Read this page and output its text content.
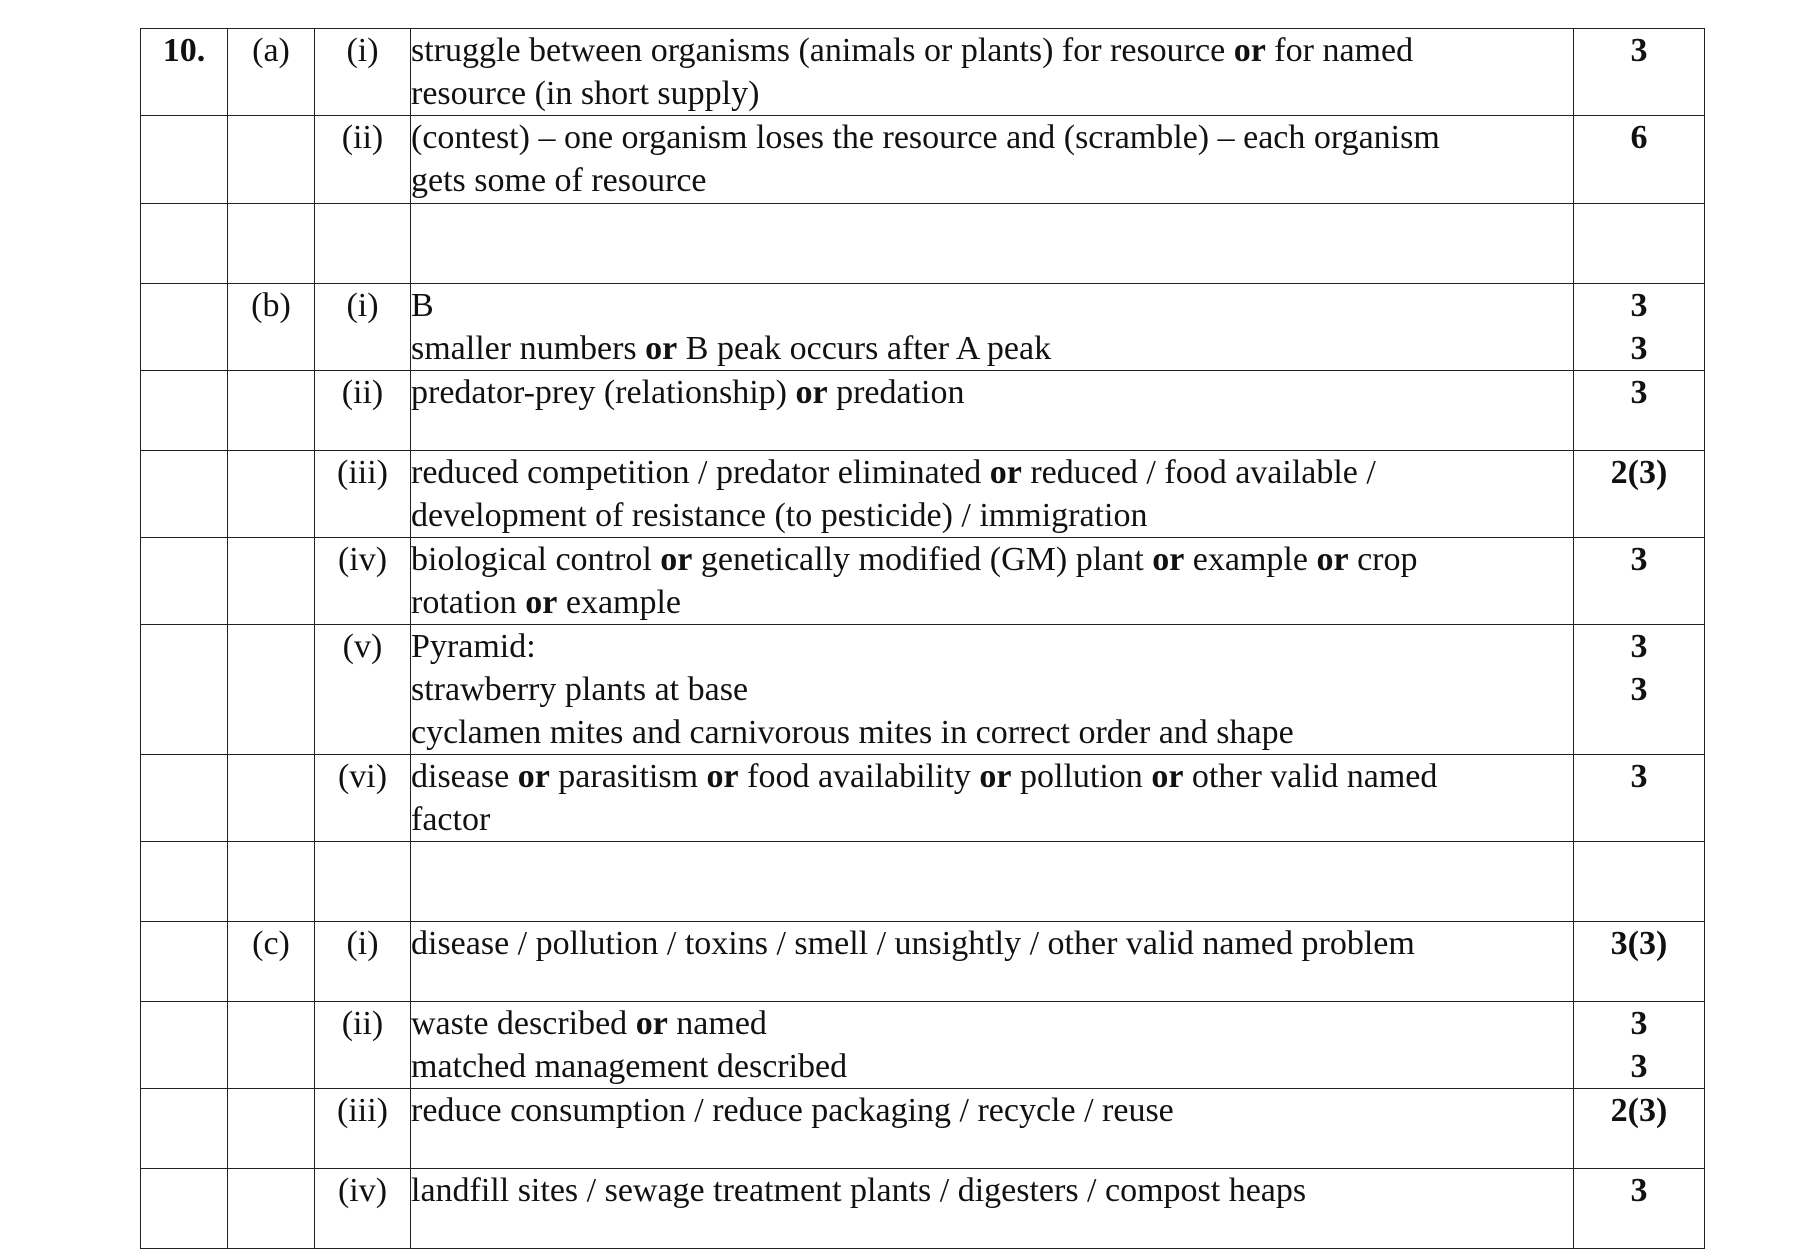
10.	(a)	(i)	struggle between organisms (animals or plants) for resource or for named
resource (in short supply)	3

		(ii)	(contest) – one organism loses the resource and (scramble) – each organism
gets some of resource	6

	(b)	(i)	B
smaller numbers or B peak occurs after A peak	3
3

		(ii)	predator-prey (relationship) or predation	3

		(iii)	reduced competition / predator eliminated or reduced / food available /
development of resistance (to pesticide) / immigration	2(3)

		(iv)	biological control or genetically modified (GM) plant or example or crop
rotation or example	3

		(v)	Pyramid:
strawberry plants at base
cyclamen mites and carnivorous mites in correct order and shape	3
3

		(vi)	disease or parasitism or food availability or pollution or other valid named
factor	3

	(c)	(i)	disease / pollution / toxins / smell / unsightly / other valid named problem	3(3)

		(ii)	waste described or named
matched management described	3
3

		(iii)	reduce consumption / reduce packaging / recycle / reuse	2(3)

		(iv)	landfill sites / sewage treatment plants / digesters / compost heaps	3
